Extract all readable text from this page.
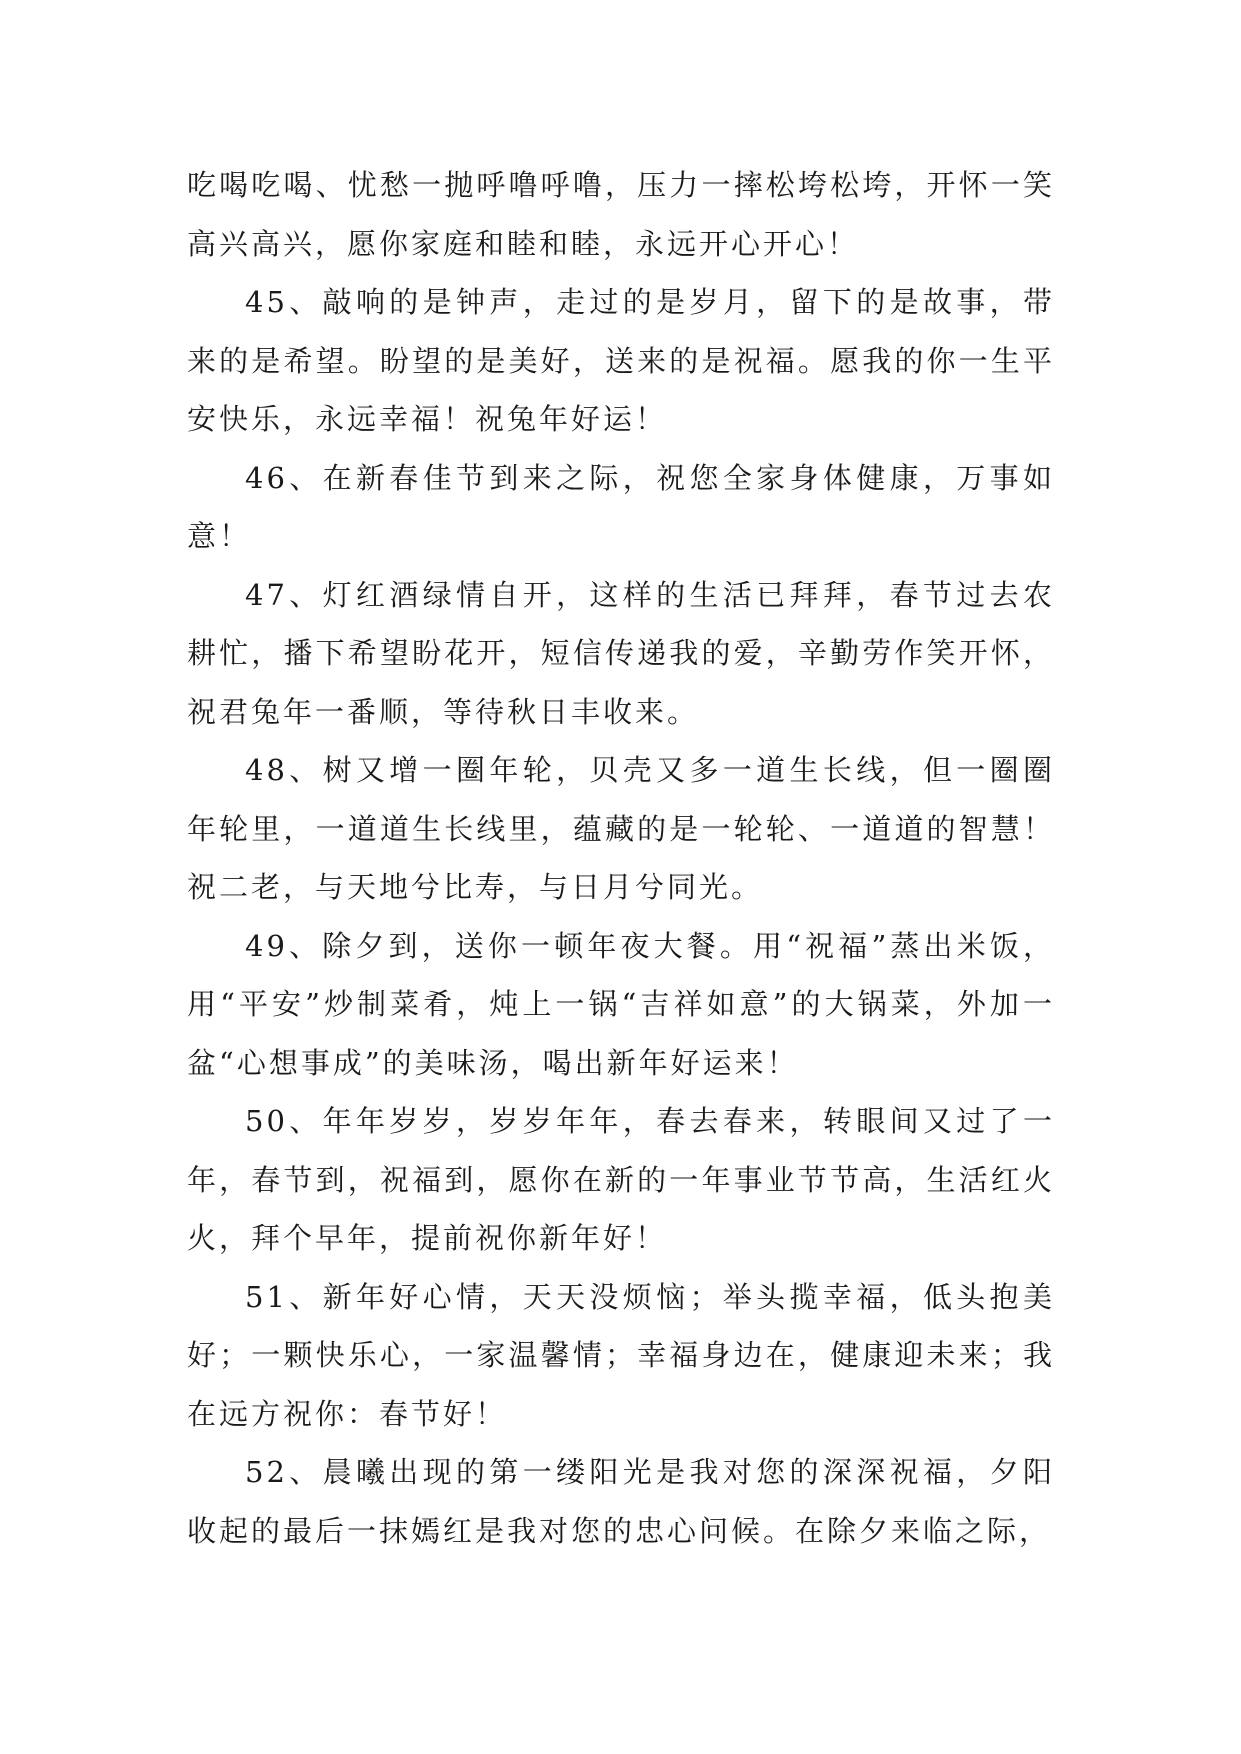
吃喝吃喝、忧愁一抛呼噜呼噜，压力一摔松垮松垮，开怀一笑高兴高兴，愿你家庭和睦和睦，永远开心开心！

45、敲响的是钟声，走过的是岁月，留下的是故事，带来的是希望。盼望的是美好，送来的是祝福。愿我的你一生平安快乐，永远幸福！祝兔年好运！

46、在新春佳节到来之际，祝您全家身体健康，万事如意！

47、灯红酒绿情自开，这样的生活已拜拜，春节过去农耕忙，播下希望盼花开，短信传递我的爱，辛勤劳作笑开怀，祝君兔年一番顺，等待秋日丰收来。

48、树又增一圈年轮，贝壳又多一道生长线，但一圈圈年轮里，一道道生长线里，蕴藏的是一轮轮、一道道的智慧！祝二老，与天地兮比寿，与日月兮同光。

49、除夕到，送你一顿年夜大餐。用“祝福”蒸出米饭，用“平安”炒制菜肴，炖上一锅“吉祥如意”的大锅菜，外加一盆“心想事成”的美味汤，喝出新年好运来！

50、年年岁岁，岁岁年年，春去春来，转眼间又过了一年，春节到，祝福到，愿你在新的一年事业节节高，生活红火火，拜个早年，提前祝你新年好！

51、新年好心情，天天没烦恼；举头揽幸福，低头抱美好；一颗快乐心，一家温馨情；幸福身边在，健康迎未来；我在远方祝你：春节好！

52、晨曦出现的第一缕阳光是我对您的深深祝福，夕阳收起的最后一抹嫣红是我对您的忠心问候。在除夕来临之际，
